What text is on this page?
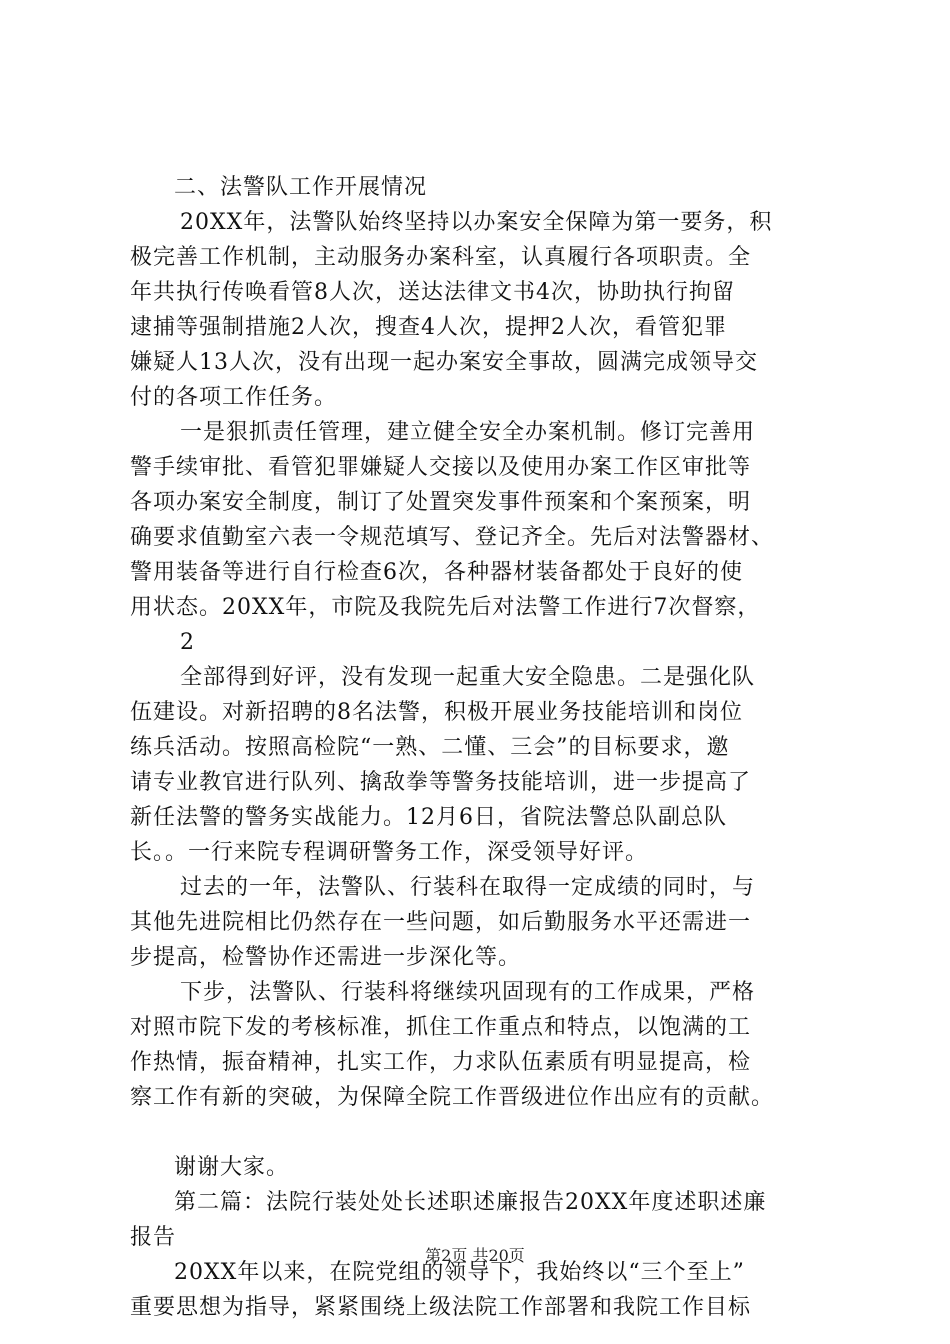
二、法警队工作开展情况
20XX年，法警队始终坚持以办案安全保障为第一要务，积
极完善工作机制，主动服务办案科室，认真履行各项职责。全
年共执行传唤看管8人次，送达法律文书4次，协助执行拘留
逮捕等强制措施2人次，搜查4人次，提押2人次，看管犯罪
嫌疑人13人次，没有出现一起办案安全事故，圆满完成领导交
付的各项工作任务。
一是狠抓责任管理，建立健全安全办案机制。修订完善用
警手续审批、看管犯罪嫌疑人交接以及使用办案工作区审批等
各项办案安全制度，制订了处置突发事件预案和个案预案，明
确要求值勤室六表一令规范填写、登记齐全。先后对法警器材、
警用装备等进行自行检查6次，各种器材装备都处于良好的使
用状态。20XX年，市院及我院先后对法警工作进行7次督察，
2
全部得到好评，没有发现一起重大安全隐患。二是强化队
伍建设。对新招聘的8名法警，积极开展业务技能培训和岗位
练兵活动。按照高检院“一熟、二懂、三会”的目标要求，邀
请专业教官进行队列、擒敌拳等警务技能培训，进一步提高了
新任法警的警务实战能力。12月6日，省院法警总队副总队
长。。一行来院专程调研警务工作，深受领导好评。
过去的一年，法警队、行装科在取得一定成绩的同时，与
其他先进院相比仍然存在一些问题，如后勤服务水平还需进一
步提高，检警协作还需进一步深化等。
下步，法警队、行装科将继续巩固现有的工作成果，严格
对照市院下发的考核标准，抓住工作重点和特点，以饱满的工
作热情，振奋精神，扎实工作，力求队伍素质有明显提高，检
察工作有新的突破，为保障全院工作晋级进位作出应有的贡献。
谢谢大家。
第二篇：法院行装处处长述职述廉报告20XX年度述职述廉
报告
20XX年以来，在院党组的领导下，我始终以“三个至上”
重要思想为指导，紧紧围绕上级法院工作部署和我院工作目标
第2页 共20页
